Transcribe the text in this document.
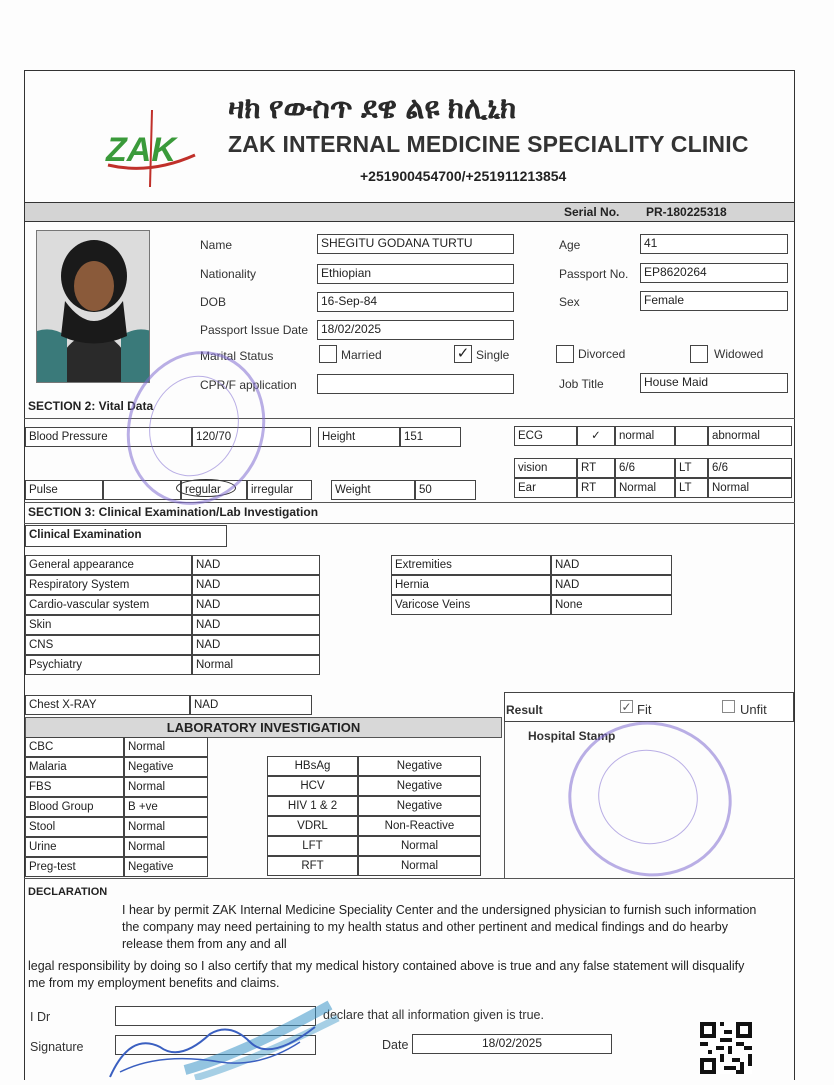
ZAK
ዛክ የውስጥ ደዌ ልዩ ክሊኒክ
ZAK INTERNAL MEDICINE SPECIALITY CLINIC
+251900454700/+251911213854
Serial No. PR-180225318
Name	SHEGITU GODANA TURTU	Age	41
Nationality	Ethiopian	Passport No.	EP8620264
DOB	16-Sep-84	Sex	Female
Passport Issue Date	18/02/2025
Marital Status	Married	✓ Single	Divorced	Widowed
CPR/F application	Job Title	House Maid
SECTION 2: Vital Data
Blood Pressure	120/70	Height	151	ECG	✓	normal	abnormal
vision	RT	6/6	LT	6/6
Ear	RT	Normal	LT	Normal
Pulse	regular	irregular	Weight	50
SECTION 3: Clinical Examination/Lab Investigation
Clinical Examination
General appearance	NAD
Respiratory System	NAD
Cardio-vascular system	NAD
Skin	NAD
CNS	NAD
Psychiatry	Normal
Extremities	NAD
Hernia	NAD
Varicose Veins	None
Chest X-RAY	NAD	Result	✓ Fit	Unfit
Hospital Stamp
LABORATORY INVESTIGATION
CBC	Normal
Malaria	Negative
FBS	Normal
Blood Group	B +ve
Stool	Normal
Urine	Normal
Preg-test	Negative
HBsAg	Negative
HCV	Negative
HIV 1 & 2	Negative
VDRL	Non-Reactive
LFT	Normal
RFT	Normal
DECLARATION
I hear by permit ZAK Internal Medicine Speciality Center and the undersigned physician to furnish such information the company may need pertaining to my health status and other pertinent and medical findings and do hearby release them from any and all
legal responsibility by doing so I also certify that my medical history contained above is true and any false statement will disqualify me from my employment benefits and claims.
I Dr	declare that all information given is true.
Signature	Date	18/02/2025
